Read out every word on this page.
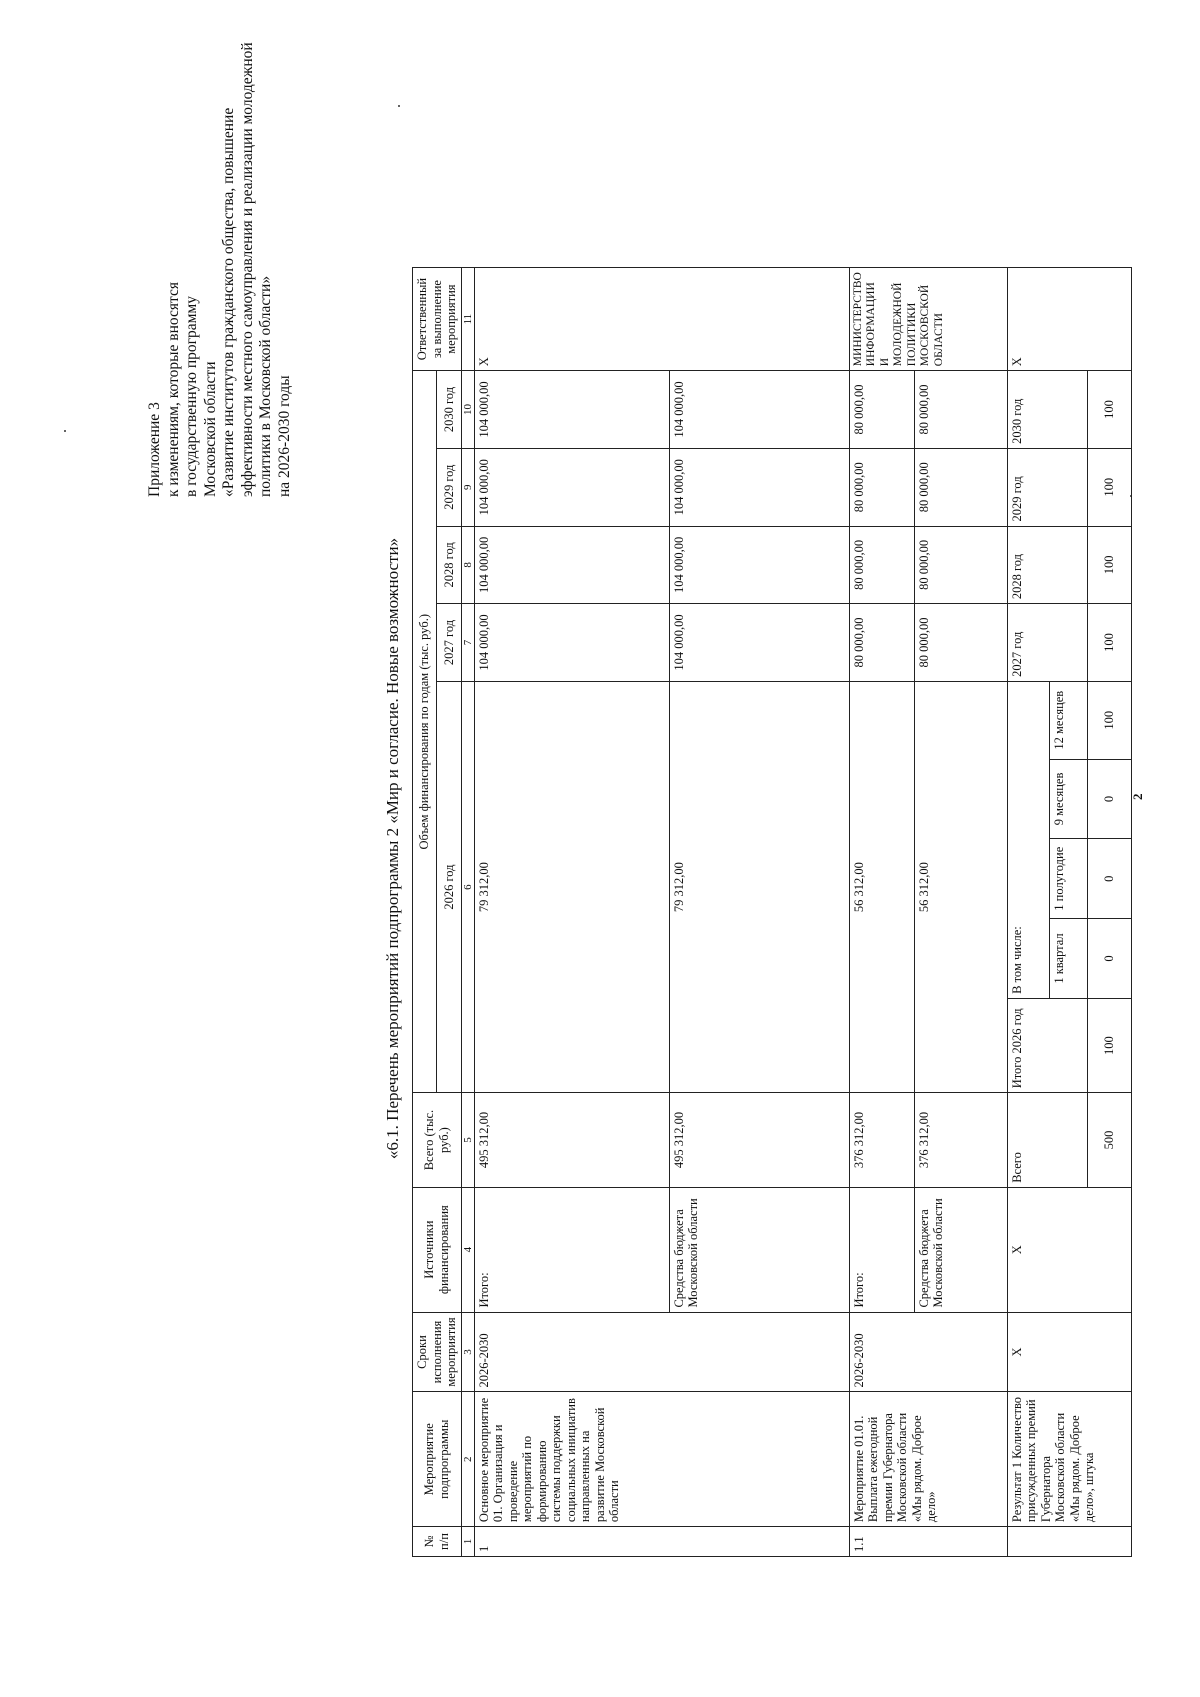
Приложение 3 к изменениям, которые вносятся в государственную программу Московской области «Развитие институтов гражданского общества, повышение эффективности местного самоуправления и реализации молодежной политики в Московской области» на 2026-2030 годы
«6.1. Перечень мероприятий подпрограммы 2 «Мир и согласие. Новые возможности»
№ п/п	Мероприятие подпрограммы	Сроки исполнения мероприятия	Источники финансирования	Всего (тыс. руб.)	Объем финансирования по годам (тыс. руб.)									Ответственный за выполнение мероприятия
					2026 год					2027 год	2028 год	2029 год	2030 год	
1	2	3	4	5	6					7	8	9	10	11
1	Основное мероприятие 01. Организация и проведение мероприятий по формированию системы поддержки социальных инициатив направленных на развитие Московской области	2026-2030	Итого:	495 312,00	79 312,00					104 000,00	104 000,00	104 000,00	104 000,00	Х
			Средства бюджета Московской области	495 312,00	79 312,00					104 000,00	104 000,00	104 000,00	104 000,00	
1.1	Мероприятие 01.01. Выплата ежегодной премии Губернатора Московской области «Мы рядом. Доброе дело»	2026-2030	Итого:	376 312,00	56 312,00					80 000,00	80 000,00	80 000,00	80 000,00	МИНИСТЕРСТВО ИНФОРМАЦИИ И МОЛОДЕЖНОЙ ПОЛИТИКИ МОСКОВСКОЙ ОБЛАСТИ
			Средства бюджета Московской области	376 312,00	56 312,00					80 000,00	80 000,00	80 000,00	80 000,00	
	Результат 1 Количество присужденных премий Губернатора Московской области «Мы рядом. Доброе дело», штука	Х	Х	Всего	Итого 2026 год	В том числе:				2027 год	2028 год	2029 год	2030 год	Х
						1 квартал	1 полугодие	9 месяцев	12 месяцев					
				500	100	0	0	0	100	100	100	100	100	
2
